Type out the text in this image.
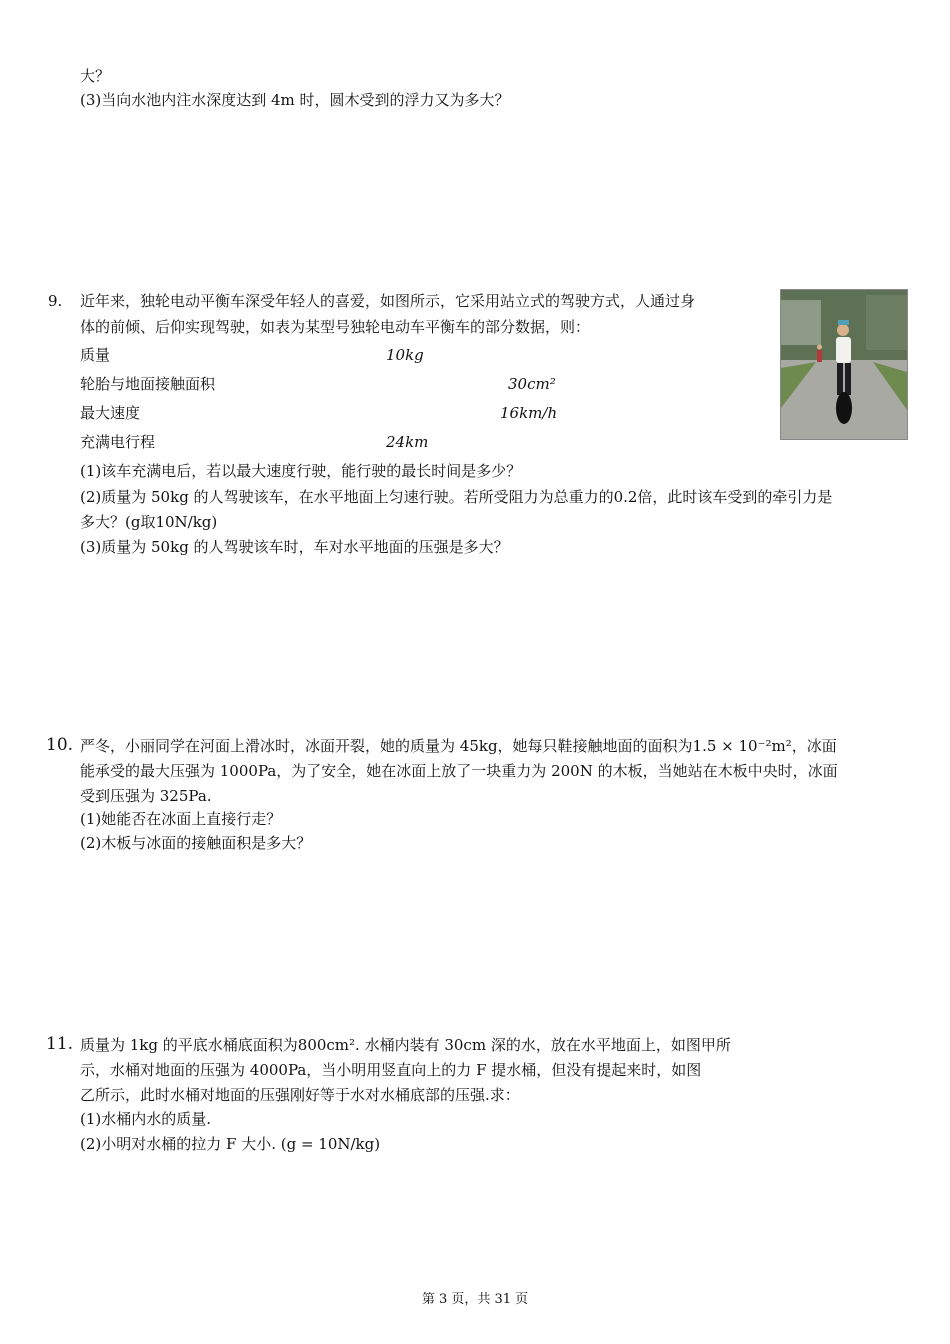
大？
(3)当向水池内注水深度达到 4m 时，圆木受到的浮力又为多大？
9. 近年来，独轮电动平衡车深受年轻人的喜爱，如图所示，它采用站立式的驾驶方式，人通过身
体的前倾、后仰实现驾驶，如表为某型号独轮电动车平衡车的部分数据，则：
质量	10kg
轮胎与地面接触面积	30cm²
最大速度	16km/h
充满电行程	24km
(1)该车充满电后，若以最大速度行驶，能行驶的最长时间是多少？
(2)质量为 50kg 的人驾驶该车，在水平地面上匀速行驶。若所受阻力为总重力的0.2倍，此时该车受到的牵引力是
多大？(g取10N/kg)
(3)质量为 50kg 的人驾驶该车时，车对水平地面的压强是多大？
10. 严冬，小丽同学在河面上滑冰时，冰面开裂，她的质量为 45kg，她每只鞋接触地面的面积为1.5 × 10⁻²m²，冰面
能承受的最大压强为 1000Pa，为了安全，她在冰面上放了一块重力为 200N 的木板，当她站在木板中央时，冰面
受到压强为 325Pa.
(1)她能否在冰面上直接行走？
(2)木板与冰面的接触面积是多大？
11. 质量为 1kg 的平底水桶底面积为800cm². 水桶内装有 30cm 深的水，放在水平地面上，如图甲所
示，水桶对地面的压强为 4000Pa，当小明用竖直向上的力 F 提水桶，但没有提起来时，如图
乙所示，此时水桶对地面的压强刚好等于水对水桶底部的压强.求：
(1)水桶内水的质量.
(2)小明对水桶的拉力 F 大小. (g = 10N/kg)
第 3 页，共 31 页
